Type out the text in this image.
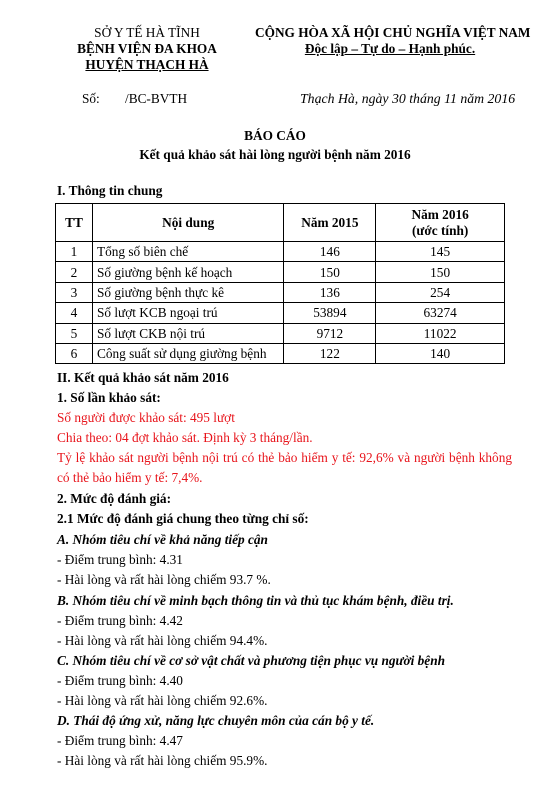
SỞ Y TẾ HÀ TĨNH
BỆNH VIỆN ĐA KHOA
HUYỆN THẠCH HÀ
CỘNG HÒA XÃ HỘI CHỦ NGHĨA VIỆT NAM
Độc lập – Tự do – Hạnh phúc.
Số: /BC-BVTH	Thạch Hà, ngày 30 tháng 11 năm 2016
BÁO CÁO
Kết quả khảo sát hài lòng người bệnh năm 2016
I. Thông tin chung
TT	Nội dung	Năm 2015	Năm 2016
(ước tính)
1	Tổng số biên chế	146	145
2	Số giường bệnh kế hoạch	150	150
3	Số giường bệnh thực kê	136	254
4	Số lượt KCB ngoại trú	53894	63274
5	Số lượt CKB nội trú	9712	11022
6	Công suất sử dụng giường bệnh	122	140
II. Kết quả khảo sát năm 2016
1. Số lần khảo sát:
Số người được khảo sát: 495 lượt
Chia theo: 04 đợt khảo sát. Định kỳ 3 tháng/lần.
Tỷ lệ khảo sát người bệnh nội trú có thẻ bảo hiểm y tế: 92,6% và người bệnh không có thẻ bảo hiểm y tế: 7,4%.
2. Mức độ đánh giá:
2.1 Mức độ đánh giá chung theo từng chỉ số:
A. Nhóm tiêu chí về khả năng tiếp cận
- Điểm trung bình: 4.31
- Hài lòng và rất hài lòng chiếm 93.7 %.
B. Nhóm tiêu chí về minh bạch thông tin và thủ tục khám bệnh, điều trị.
- Điểm trung bình: 4.42
- Hài lòng và rất hài lòng chiếm 94.4%.
C. Nhóm tiêu chí về cơ sở vật chất và phương tiện phục vụ người bệnh
- Điểm trung bình: 4.40
- Hài lòng và rất hài lòng chiếm 92.6%.
D. Thái độ ứng xử, năng lực chuyên môn của cán bộ y tế.
- Điểm trung bình: 4.47
- Hài lòng và rất hài lòng chiếm 95.9%.
